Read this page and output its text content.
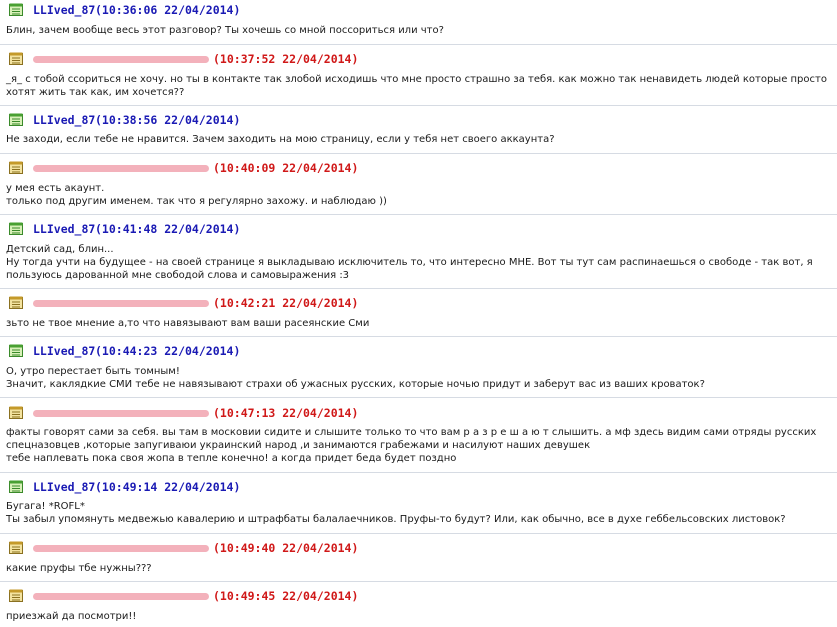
LLIved_87 (10:36:06 22/04/2014)
Блин, зачем вообще весь этот разговор? Ты хочешь со мной поссориться или что?
(10:37:52 22/04/2014)
_я_ с тобой ссориться не хочу. но ты в контакте так злобой исходишь что мне просто страшно за тебя. как можно так ненавидеть людей которые просто
хотят жить так как, им хочется??
LLIved_87 (10:38:56 22/04/2014)
Не заходи, если тебе не нравится. Зачем заходить на мою страницу, если у тебя нет своего аккаунта?
(10:40:09 22/04/2014)
у мея есть акаунт.
только под другим именем. так что я регулярно захожу. и наблюдаю ))
LLIved_87 (10:41:48 22/04/2014)
Детский сад, блин...
Ну тогда учти на будущее - на своей странице я выкладываю исключитель то, что интересно МНЕ. Вот ты тут сам распинаешься о свободе - так вот, я
пользуюсь дарованной мне свободой слова и самовыражения :3
(10:42:21 22/04/2014)
зьто не твое мнение а,то что навязывают вам ваши расеянские Сми
LLIved_87 (10:44:23 22/04/2014)
О, утро перестает быть томным!
Значит, каклядкие СМИ тебе не навязывают страхи об ужасных русских, которые ночью придут и заберут вас из ваших кроваток?
(10:47:13 22/04/2014)
факты говорят сами за себя. вы там в московии сидите и слышите только то что вам р а з р е ш а ю т слышить. а мф здесь видим сами отряды русских
спецназовцев ,которые запугиваюи украинский народ ,и занимаются грабежами и насилуют наших девушек
тебе наплевать пока своя жопа в тепле конечно! а когда придет беда будет поздно
LLIved_87 (10:49:14 22/04/2014)
Бугага! *ROFL*
Ты забыл упомянуть медвежью кавалерию и штрафбаты балалаечников. Пруфы-то будут? Или, как обычно, все в духе геббельсовских листовок?
(10:49:40 22/04/2014)
какие пруфы тбе нужны???
(10:49:45 22/04/2014)
приезжай да посмотри!!
